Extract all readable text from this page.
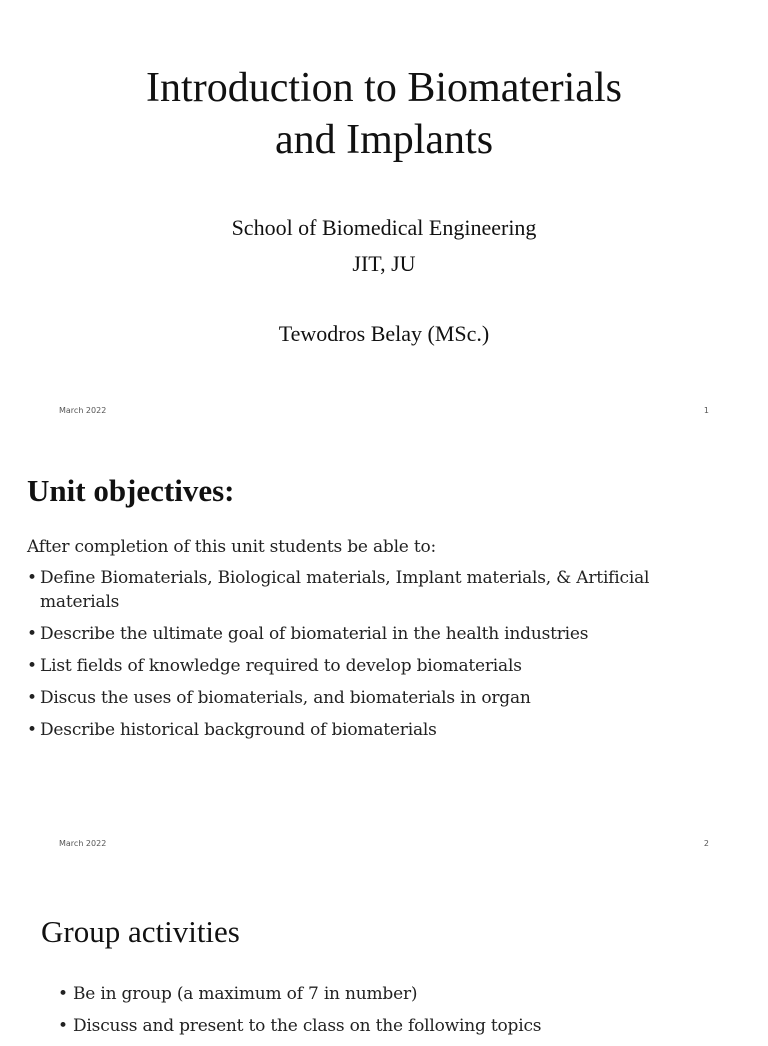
Introduction to Biomaterials
and Implants
School of Biomedical Engineering
JIT, JU
Tewodros Belay (MSc.)
March 2022	1
Unit objectives:
After completion of this unit students be able to:
• Define Biomaterials, Biological materials, Implant materials, & Artificial materials
• Describe the ultimate goal of biomaterial in the health industries
• List fields of knowledge required to develop biomaterials
• Discus the uses of biomaterials, and biomaterials in organ
• Describe historical background of biomaterials
March 2022	2
Group activities
• Be in group (a maximum of 7 in number)
• Discuss and present to the class on the following topics
